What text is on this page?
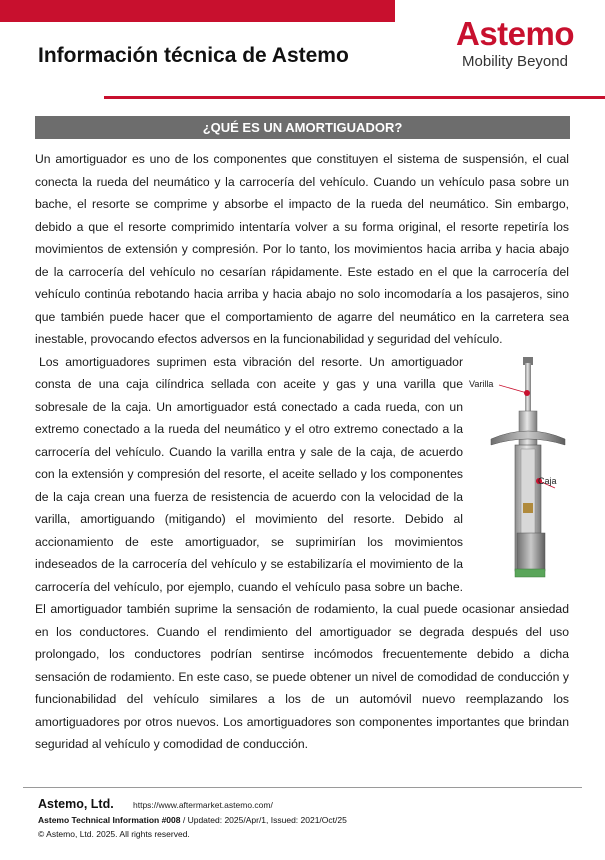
Información técnica de Astemo
Astemo
Mobility Beyond
¿QUÉ ES UN AMORTIGUADOR?

Un amortiguador es uno de los componentes que constituyen el sistema de suspensión, el cual conecta la rueda del neumático y la carrocería del vehículo. Cuando un vehículo pasa sobre un bache, el resorte se comprime y absorbe el impacto de la rueda del neumático. Sin embargo, debido a que el resorte comprimido intentaría volver a su forma original, el resorte repetiría los movimientos de extensión y compresión. Por lo tanto, los movimientos hacia arriba y hacia abajo de la carrocería del vehículo no cesarían rápidamente. Este estado en el que la carrocería del vehículo continúa rebotando hacia arriba y hacia abajo no solo incomodaría a los pasajeros, sino que también puede hacer que el comportamiento de agarre del neumático en la carretera sea inestable, provocando efectos adversos en la funcionabilidad y seguridad del vehículo.

Varilla
Caja

Los amortiguadores suprimen esta vibración del resorte. Un amortiguador consta de una caja cilíndrica sellada con aceite y gas y una varilla que sobresale de la caja. Un amortiguador está conectado a cada rueda, con un extremo conectado a la rueda del neumático y el otro extremo conectado a la carrocería del vehículo. Cuando la varilla entra y sale de la caja, de acuerdo con la extensión y compresión del resorte, el aceite sellado y los componentes de la caja crean una fuerza de resistencia de acuerdo con la velocidad de la varilla, amortiguando (mitigando) el movimiento del resorte. Debido al accionamiento de este amortiguador, se suprimirían los movimientos indeseados de la carrocería del vehículo y se estabilizaría el movimiento de la carrocería del vehículo, por ejemplo, cuando el vehículo pasa sobre un bache. El amortiguador también suprime la sensación de rodamiento, la cual puede ocasionar ansiedad en los conductores. Cuando el rendimiento del amortiguador se degrada después del uso prolongado, los conductores podrían sentirse incómodos frecuentemente debido a dicha sensación de rodamiento. En este caso, se puede obtener un nivel de comodidad de conducción y funcionabilidad del vehículo similares a los de un automóvil nuevo reemplazando los amortiguadores por otros nuevos. Los amortiguadores son componentes importantes que brindan seguridad al vehículo y comodidad de conducción.

Astemo, Ltd. https://www.aftermarket.astemo.com/
Astemo Technical Information #008 / Updated: 2025/Apr/1, Issued: 2021/Oct/25
© Astemo, Ltd. 2025. All rights reserved.
